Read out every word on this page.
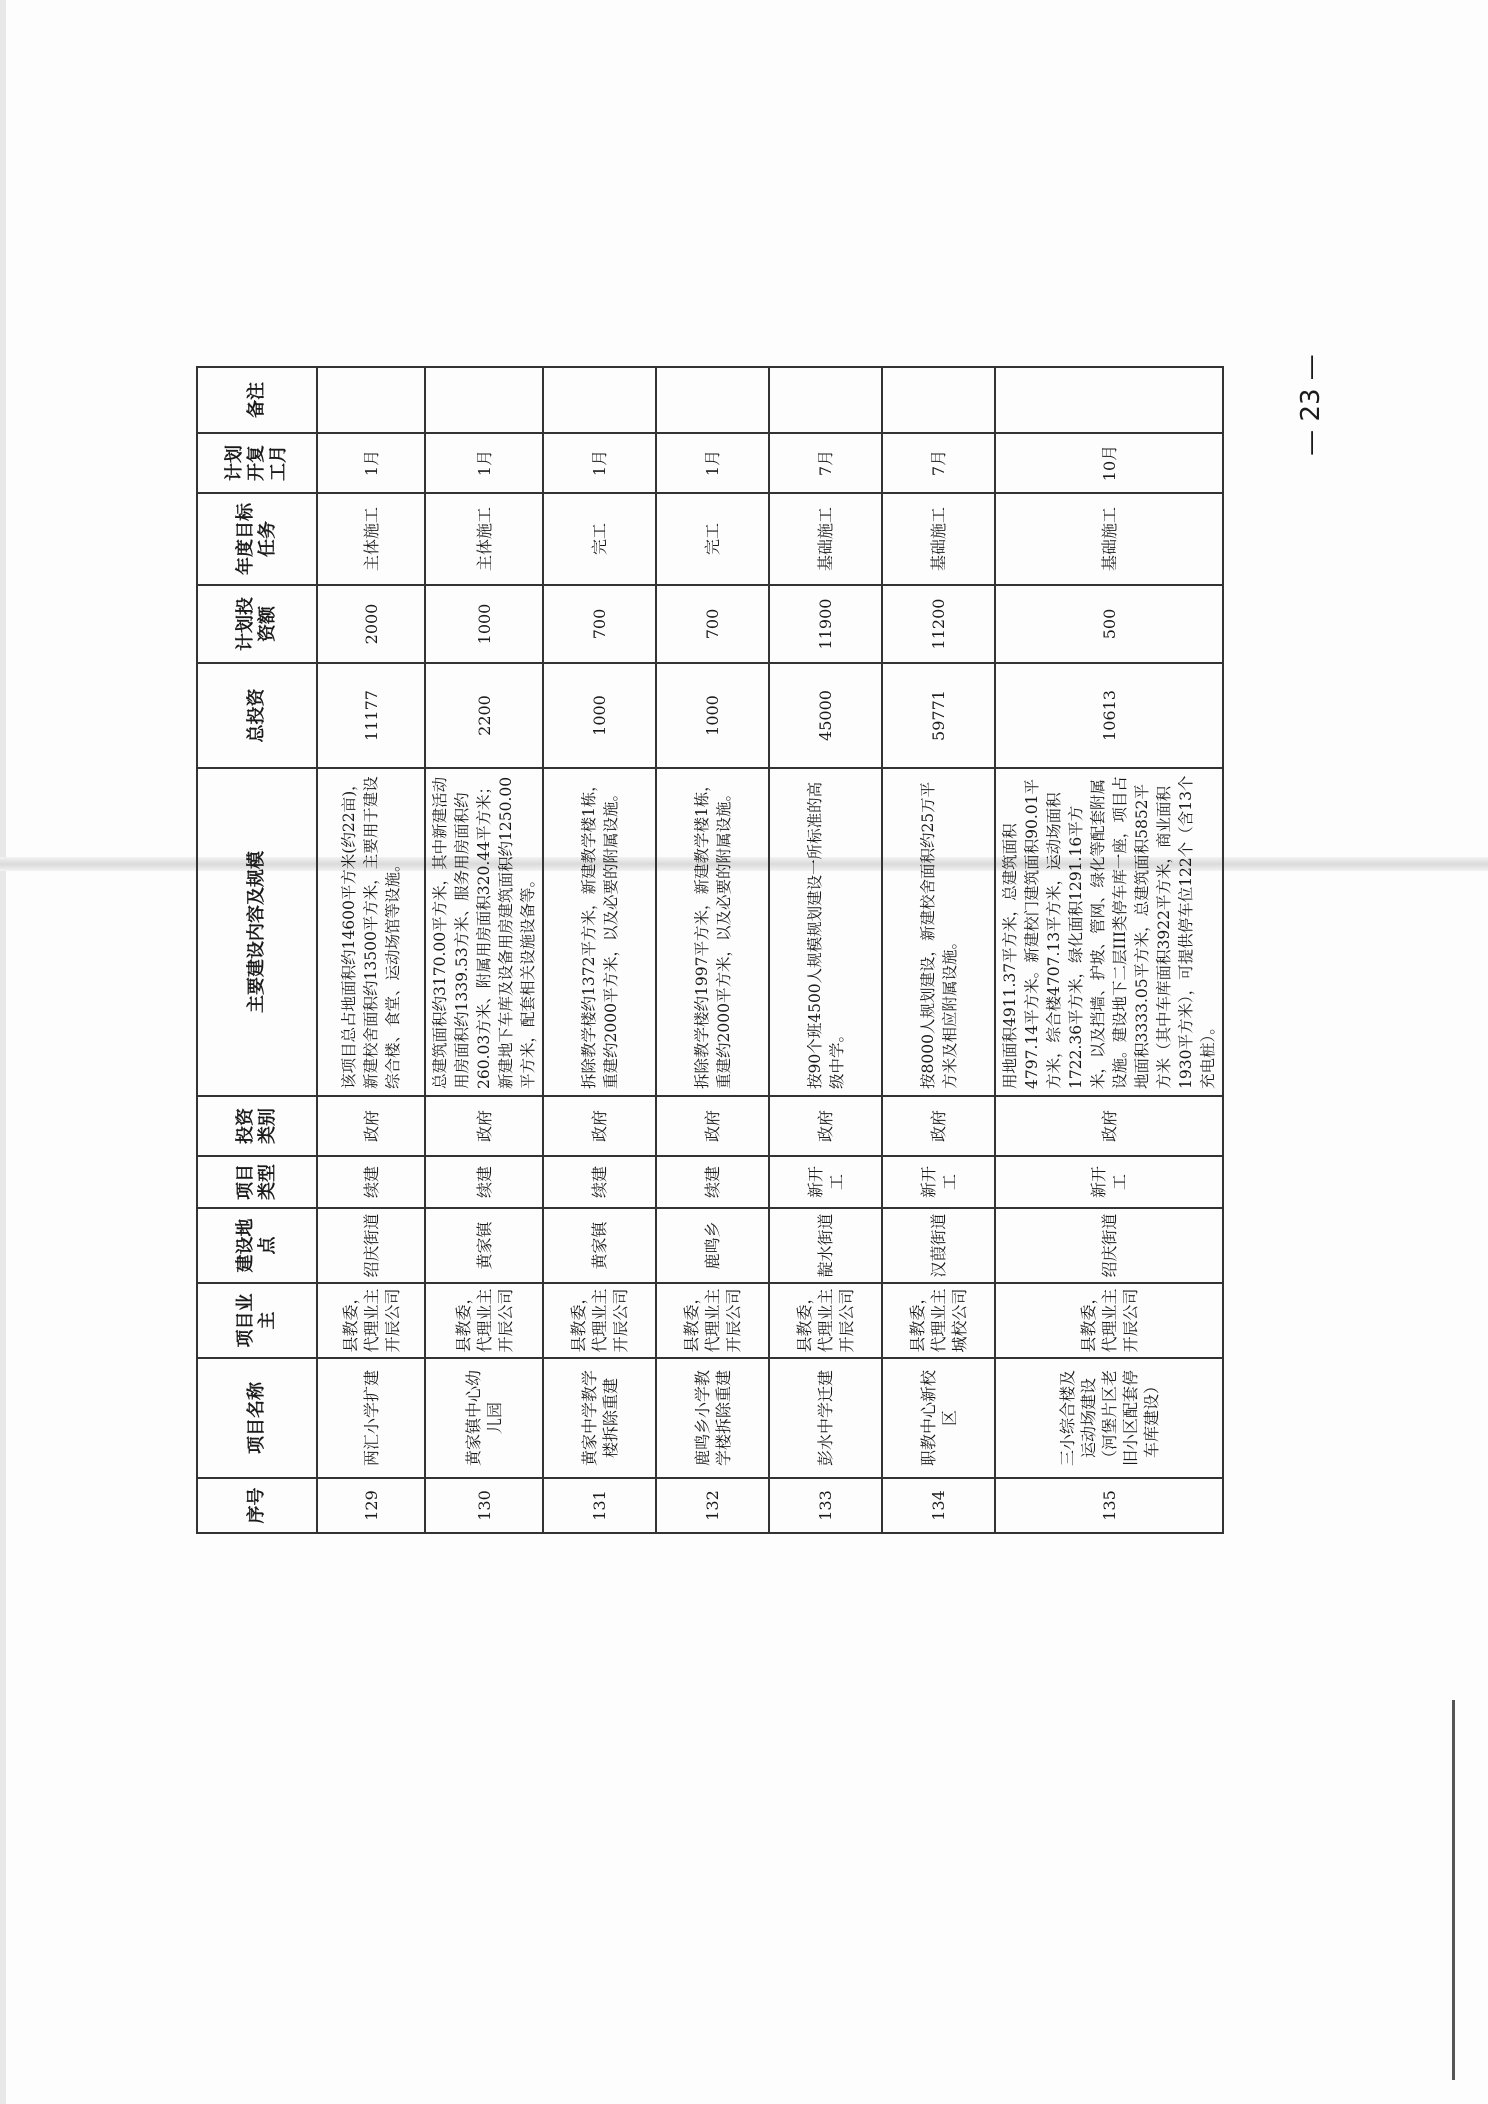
序号	项目名称	项目业主	建设地点	项目类型	投资类别	主要建设内容及规模	总投资	计划投资额	年度目标任务	计划开复工月	备注
129	两汇小学扩建	县教委，代理业主开辰公司	绍庆街道	续建	政府	该项目总占地面积约14600平方米(约22亩)，新建校舍面积约13500平方米，主要用于建设综合楼、食堂、运动场馆等设施。	11177	2000	主体施工	1月	
130	黄家镇中心幼儿园	县教委，代理业主开辰公司	黄家镇	续建	政府	总建筑面积约3170.00平方米，其中新建活动用房面积约1339.53方米、服务用房面积约260.03方米、附属用房面积320.44平方米；新建地下车库及设备用房建筑面积约1250.00平方米，配套相关设施设备等。	2200	1000	主体施工	1月	
131	黄家中学教学楼拆除重建	县教委，代理业主开辰公司	黄家镇	续建	政府	拆除教学楼约1372平方米，新建教学楼1栋，重建约2000平方米，以及必要的附属设施。	1000	700	完工	1月	
132	鹿鸣乡小学教学楼拆除重建	县教委，代理业主开辰公司	鹿鸣乡	续建	政府	拆除教学楼约1997平方米，新建教学楼1栋，重建约2000平方米，以及必要的附属设施。	1000	700	完工	1月	
133	彭水中学迁建	县教委，代理业主开辰公司	靛水街道	新开工	政府	按90个班4500人规模规划建设一所标准的高级中学。	45000	11900	基础施工	7月	
134	职教中心新校区	县教委，代理业主城校公司	汉葭街道	新开工	政府	按8000人规划建设，新建校舍面积约25万平方米及相应附属设施。	59771	11200	基础施工	7月	
135	三小综合楼及运动场建设（河堡片区老旧小区配套停车库建设）	县教委，代理业主开辰公司	绍庆街道	新开工	政府	用地面积4911.37平方米，总建筑面积4797.14平方米。新建校门建筑面积90.01平方米，综合楼4707.13平方米，运动场面积1722.36平方米，绿化面积1291.16平方米，以及挡墙、护坡、管网、绿化等配套附属设施。建设地下二层III类停车库一座，项目占地面积3333.05平方米，总建筑面积5852平方米（其中车库面积3922平方米，商业面积1930平方米），可提供停车位122个（含13个充电桩）。	10613	500	基础施工	10月	
— 23 —
